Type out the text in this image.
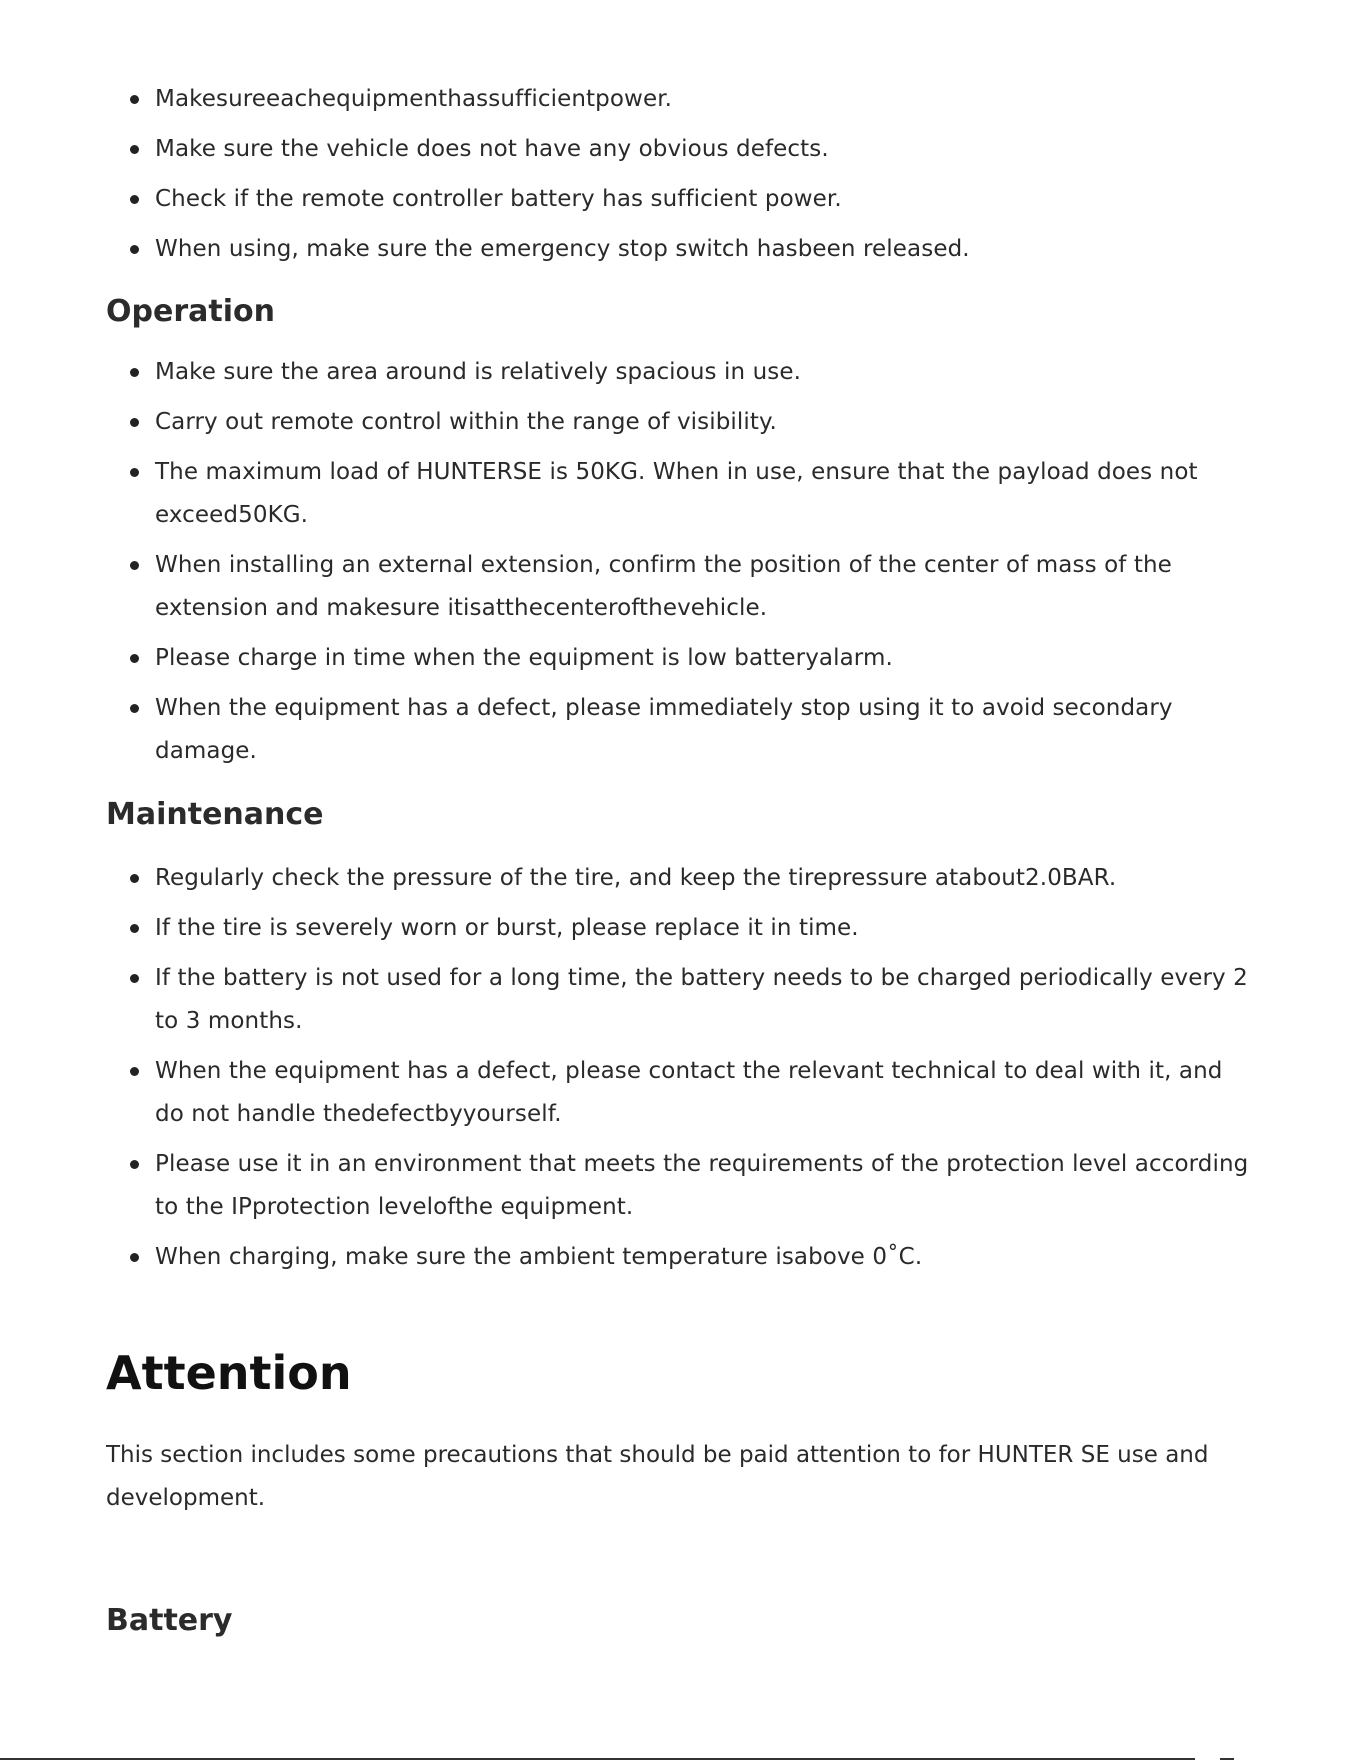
Makesureeachequipmenthassufficientpower.
Make sure the vehicle does not have any obvious defects.
Check if the remote controller battery has sufficient power.
When using, make sure the emergency stop switch hasbeen released.
Operation
Make sure the area around is relatively spacious in use.
Carry out remote control within the range of visibility.
The maximum load of HUNTERSE is 50KG. When in use, ensure that the payload does not exceed50KG.
When installing an external extension, confirm the position of the center of mass of the extension and makesure itisatthecenterofthevehicle.
Please charge in time when the equipment is low batteryalarm.
When the equipment has a defect, please immediately stop using it to avoid secondary damage.
Maintenance
Regularly check the pressure of the tire, and keep the tirepressure atabout2.0BAR.
If the tire is severely worn or burst, please replace it in time.
If the battery is not used for a long time, the battery needs to be charged periodically every 2 to 3 months.
When the equipment has a defect, please contact the relevant technical to deal with it, and do not handle thedefectbyyourself.
Please use it in an environment that meets the requirements of the protection level according to the IPprotection levelofthe equipment.
When charging, make sure the ambient temperature isabove 0˚C.
Attention

This section includes some precautions that should be paid attention to for HUNTER SE use and development.

Battery
